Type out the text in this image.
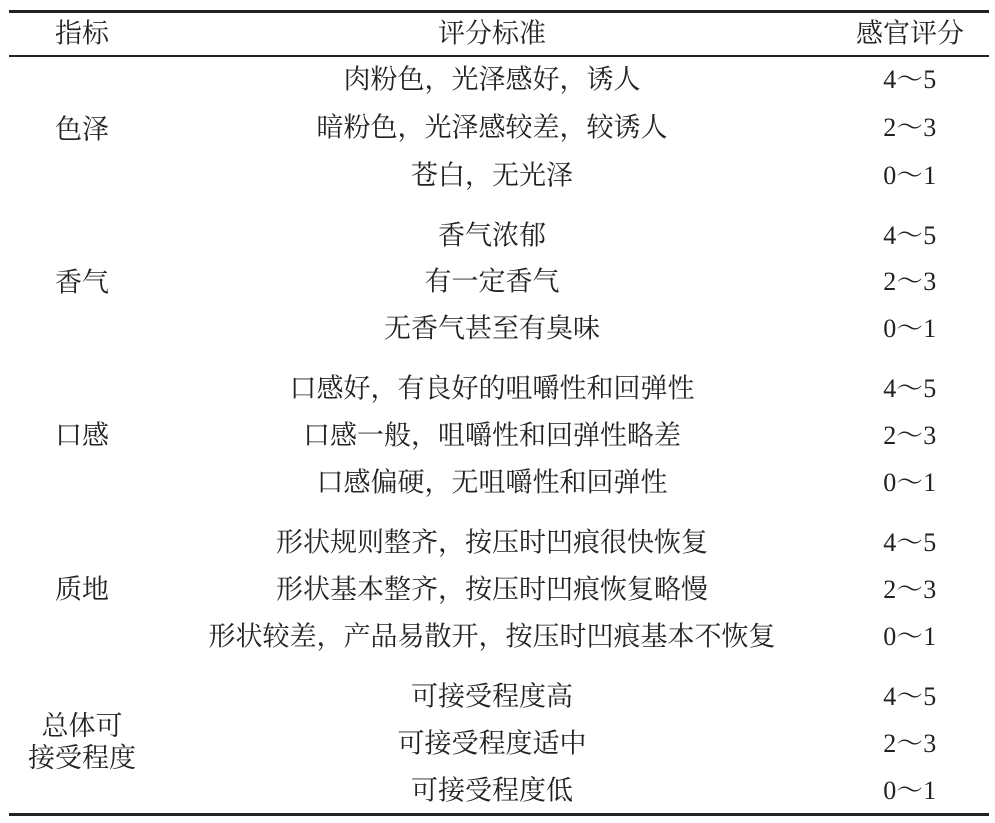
指标	评分标准	感官评分
色泽
肉粉色，光泽感好，诱人	4～5
暗粉色，光泽感较差，较诱人	2～3
苍白，无光泽	0～1
香气
香气浓郁	4～5
有一定香气	2～3
无香气甚至有臭味	0～1
口感
口感好，有良好的咀嚼性和回弹性	4～5
口感一般，咀嚼性和回弹性略差	2～3
口感偏硬，无咀嚼性和回弹性	0～1
质地
形状规则整齐，按压时凹痕很快恢复	4～5
形状基本整齐，按压时凹痕恢复略慢	2～3
形状较差，产品易散开，按压时凹痕基本不恢复	0～1
总体可
接受程度
可接受程度高	4～5
可接受程度适中	2～3
可接受程度低	0～1
